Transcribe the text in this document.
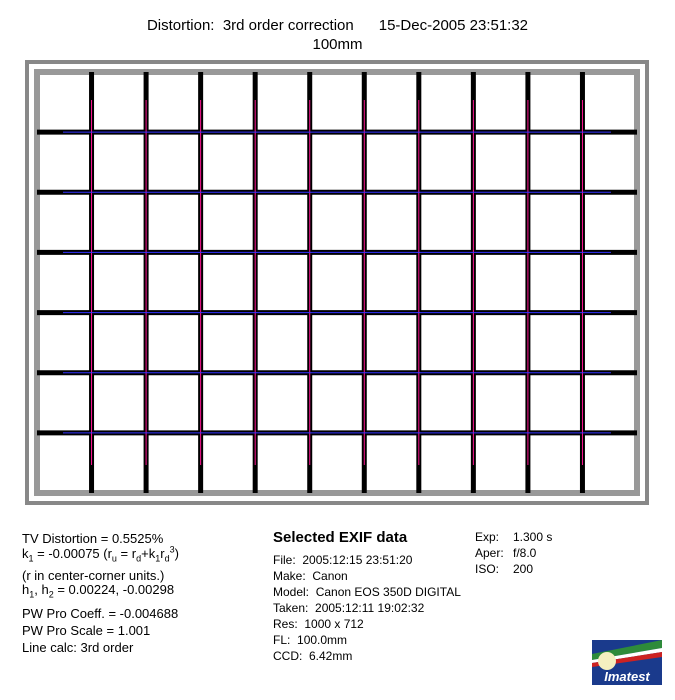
Distortion: 3rd order correction 15-Dec-2005 23:51:32
100mm
TV Distortion = 0.5525%
$k_1 = -0.00075$ $(r_u = r_d+k_1r_d^3)$
(r in center-corner units.)
$h_1$, $h_2 = 0.00224$, -0.00298
PW Pro Coeff. = -0.004688
PW Pro Scale = 1.001
Line calc: 3rd order
Selected EXIF data
File:  2005:12:15 23:51:20
Make:  Canon
Model:  Canon EOS 350D DIGITAL
Taken:  2005:12:11 19:02:32
Res:  1000 x 712
FL:  100.0mm
CCD:  6.42mm
Exp: 1.300 s
Aper: f/8.0
ISO: 200
Imatest
